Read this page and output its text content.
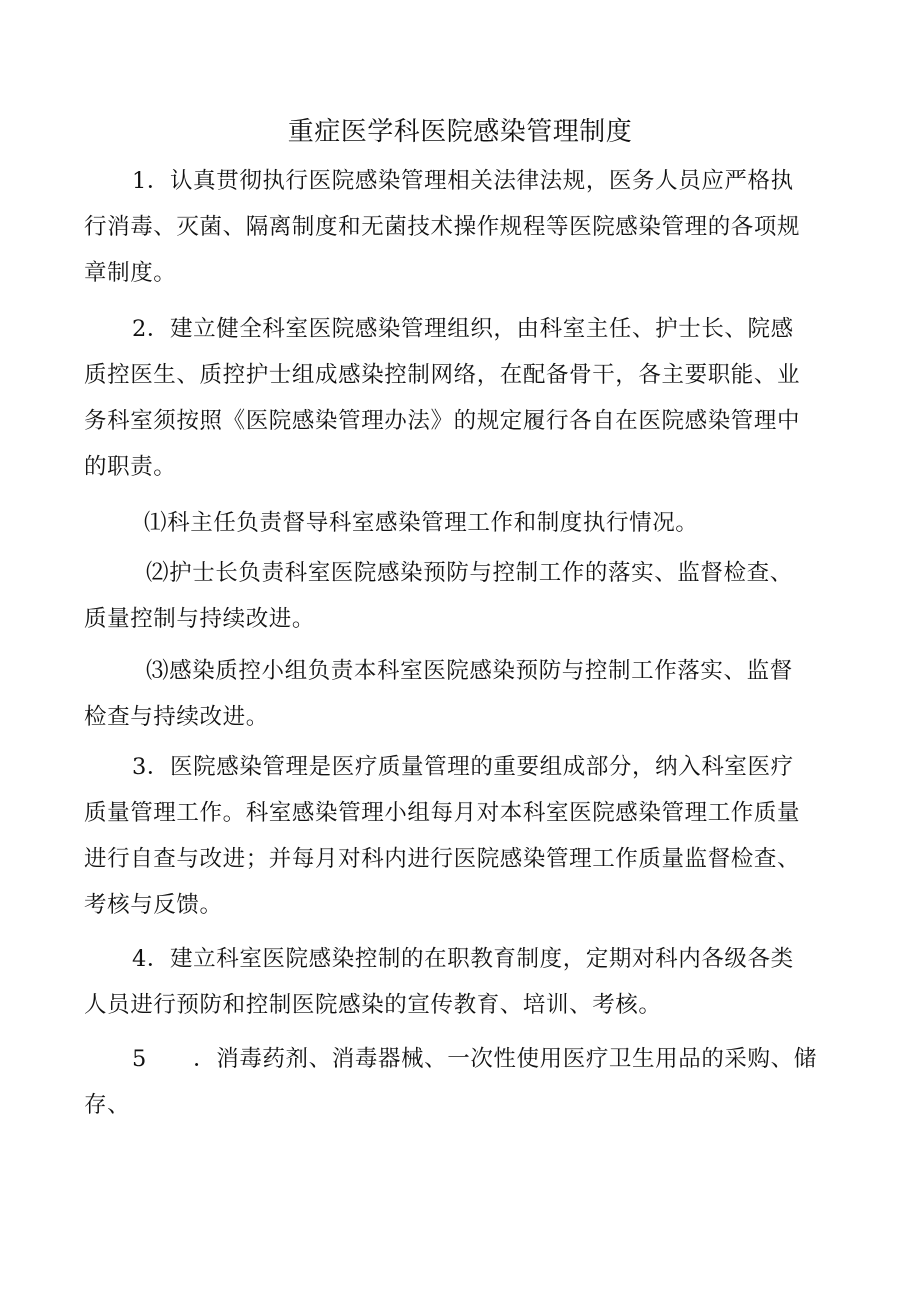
重症医学科医院感染管理制度
1．认真贯彻执行医院感染管理相关法律法规，医务人员应严格执
行消毒、灭菌、隔离制度和无菌技术操作规程等医院感染管理的各项规
章制度。
2．建立健全科室医院感染管理组织，由科室主任、护士长、院感
质控医生、质控护士组成感染控制网络，在配备骨干，各主要职能、业
务科室须按照《医院感染管理办法》的规定履行各自在医院感染管理中
的职责。
⑴科主任负责督导科室感染管理工作和制度执行情况。
⑵护士长负责科室医院感染预防与控制工作的落实、监督检查、
质量控制与持续改进。
⑶感染质控小组负责本科室医院感染预防与控制工作落实、监督
检查与持续改进。
3．医院感染管理是医疗质量管理的重要组成部分，纳入科室医疗
质量管理工作。科室感染管理小组每月对本科室医院感染管理工作质量
进行自查与改进；并每月对科内进行医院感染管理工作质量监督检查、
考核与反馈。
4．建立科室医院感染控制的在职教育制度，定期对科内各级各类
人员进行预防和控制医院感染的宣传教育、培训、考核。
5　　．消毒药剂、消毒器械、一次性使用医疗卫生用品的采购、储
存、
